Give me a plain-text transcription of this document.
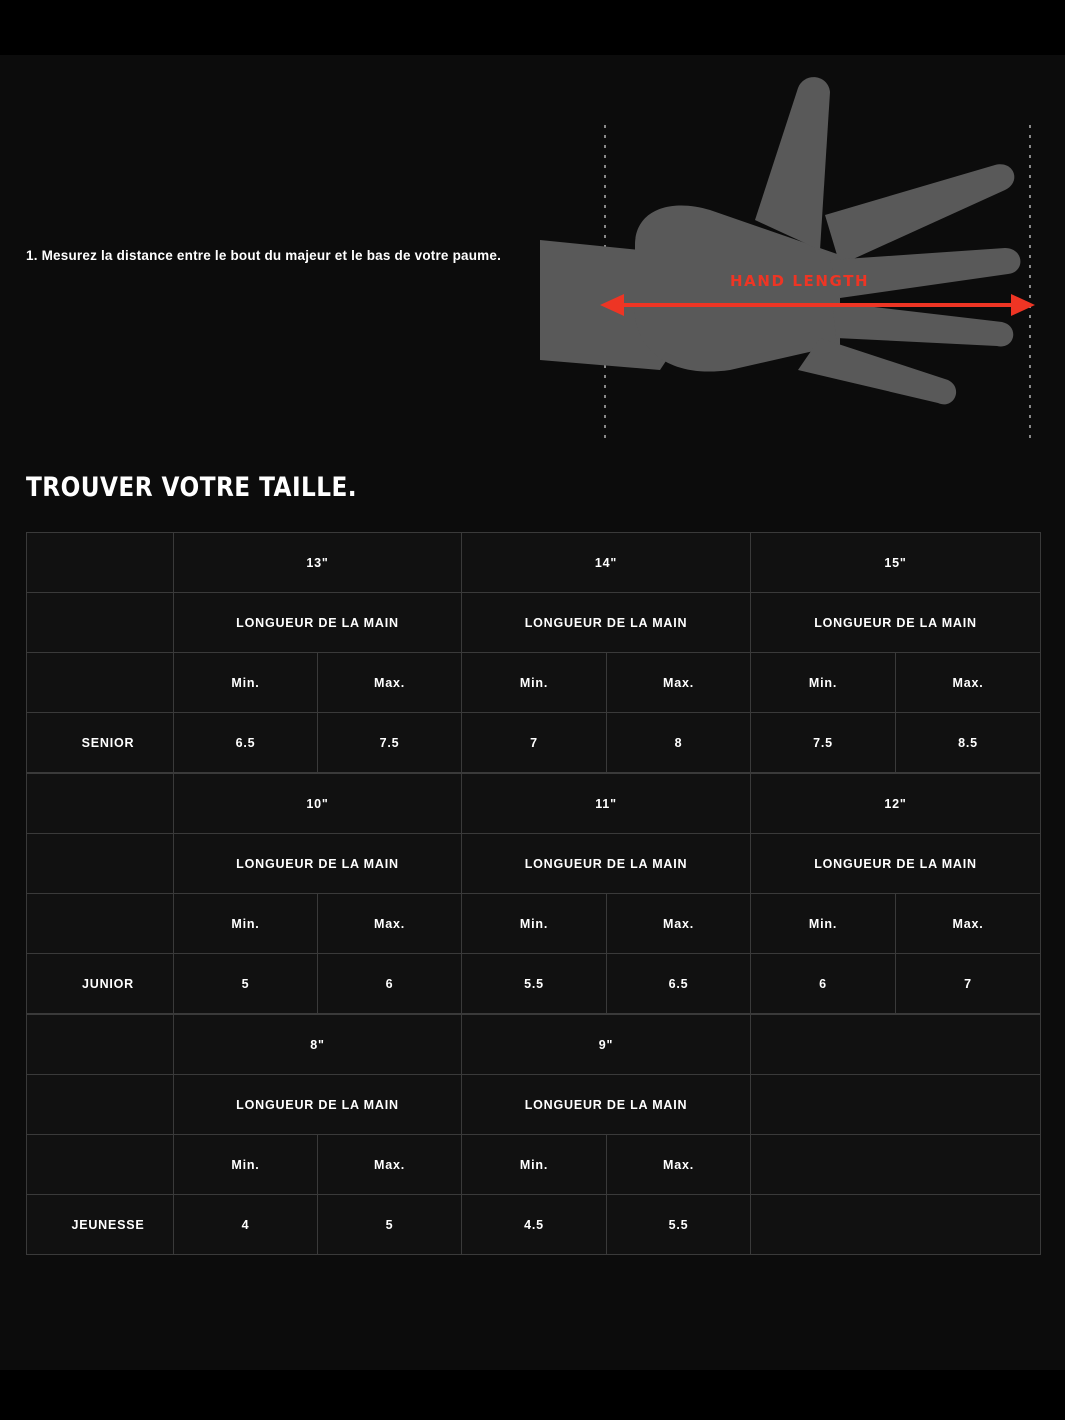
1. Mesurez la distance entre le bout du majeur et le bas de votre paume.
HAND LENGTH
TROUVER VOTRE TAILLE.
	13"		14"		15"	
	LONGUEUR DE LA MAIN		LONGUEUR DE LA MAIN		LONGUEUR DE LA MAIN	
	Min.	Max.	Min.	Max.	Min.	Max.
SENIOR	6.5	7.5	7	8	7.5	8.5
	10"		11"		12"	
	LONGUEUR DE LA MAIN		LONGUEUR DE LA MAIN		LONGUEUR DE LA MAIN	
	Min.	Max.	Min.	Max.	Min.	Max.
JUNIOR	5	6	5.5	6.5	6	7
	8"		9"		
	LONGUEUR DE LA MAIN		LONGUEUR DE LA MAIN		
	Min.	Max.	Min.	Max.	
JEUNESSE	4	5	4.5	5.5	
